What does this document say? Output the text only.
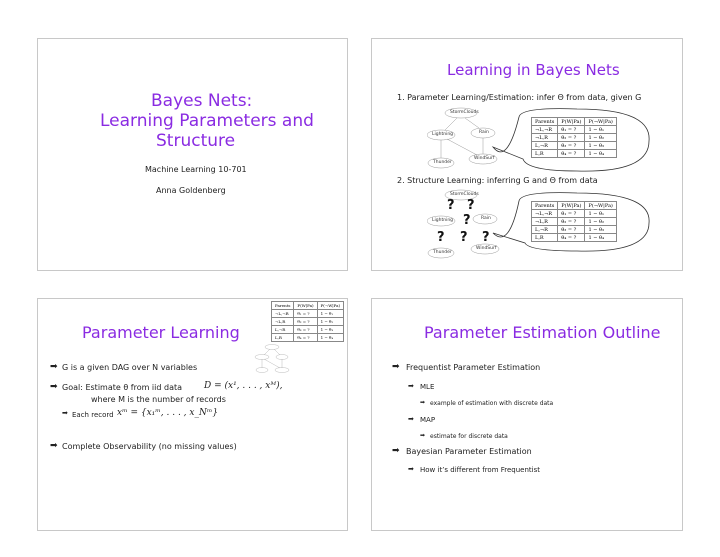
Bayes Nets:
Learning Parameters and
Structure
Machine Learning 10-701
Anna Goldenberg
Learning in Bayes Nets
1. Parameter Learning/Estimation: infer Θ from data, given G
StormClouds
Lightning	Rain
Thunder
WindSurf
Parents	P(W|Pa)	P(¬W|Pa)
¬L,¬R	θ₁ = ?	1 − θ₁
¬L,R	θ₂ = ?	1 − θ₂
L,¬R	θ₃ = ?	1 − θ₃
L,R	θ₄ = ?	1 − θ₄
2. Structure Learning: inferring G and Θ from data
StormClouds
Lightning	Rain
Thunder
WindSurf
? ?
?
? ? ?
Parents	P(W|Pa)	P(¬W|Pa)
¬L,¬R	θ₁ = ?	1 − θ₁
¬L,R	θ₂ = ?	1 − θ₂
L,¬R	θ₃ = ?	1 − θ₃
L,R	θ₄ = ?	1 − θ₄
Parents	P(W|Pa)	P(¬W|Pa)
¬L,¬R	θ₁ = ?	1 − θ₁
¬L,R	θ₂ = ?	1 − θ₂
L,¬R	θ₃ = ?	1 − θ₃
L,R	θ₄ = ?	1 − θ₄
Parameter Learning
➡ G is a given DAG over N variables
➡ Goal: Estimate θ from iid data D = (x¹, . . . , xᴹ),
where M is the number of records
➡ Each record xᵐ = {x₁ᵐ, . . . , x_Nᵐ}
➡ Complete Observability (no missing values)
Parameter Estimation Outline
➡ Frequentist Parameter Estimation
➡ MLE
➡ example of estimation with discrete data
➡ MAP
➡ estimate for discrete data
➡ Bayesian Parameter Estimation
➡ How it’s different from Frequentist
